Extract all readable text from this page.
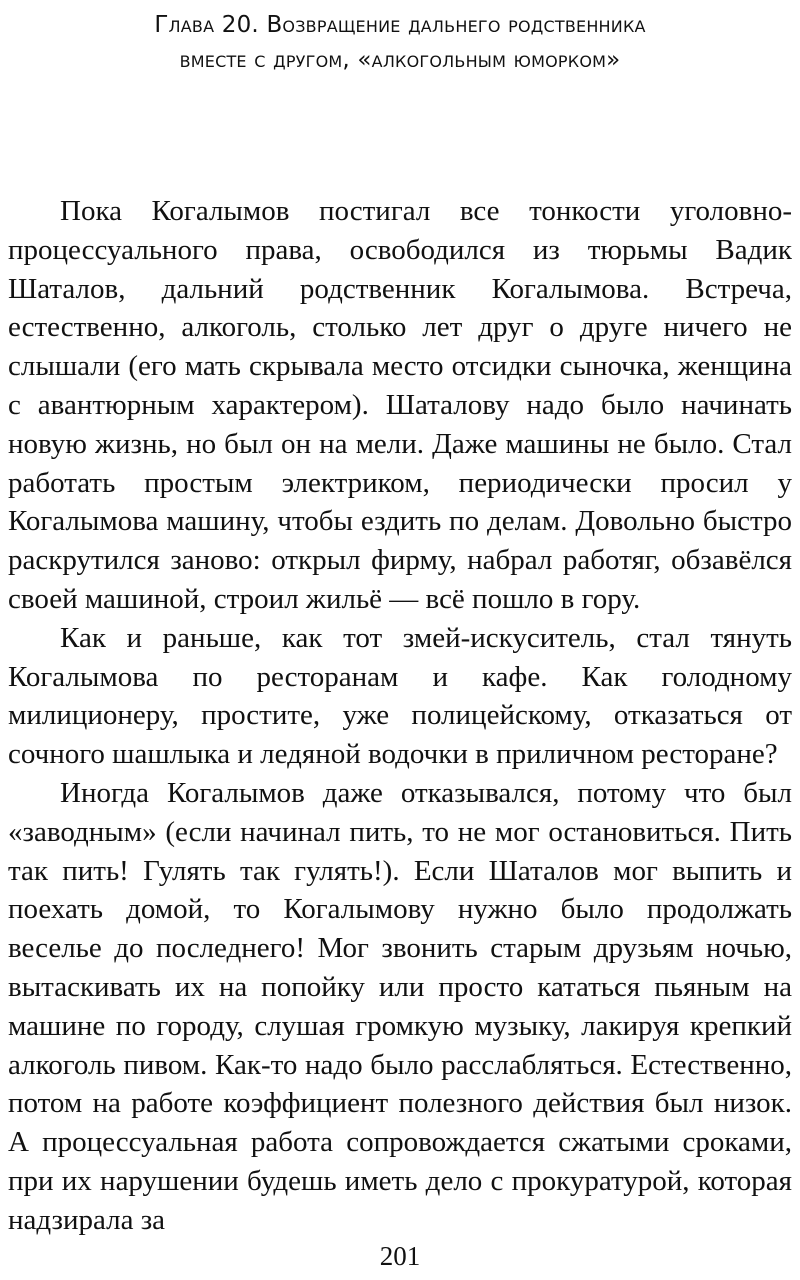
Глава 20. Возвращение дальнего родственника
вместе с другом, «алкогольным юморком»

Пока Когалымов постигал все тонкости уголовно-процессуального права, освободился из тюрьмы Вадик Шаталов, дальний родственник Когалымова. Встреча, естественно, алкоголь, столько лет друг о друге ничего не слышали (его мать скрывала место отсидки сыночка, женщина с авантюрным характером). Шаталову надо было начинать новую жизнь, но был он на мели. Даже машины не было. Стал работать простым электриком, периодически просил у Когалымова машину, чтобы ездить по делам. Довольно быстро раскрутился заново: открыл фирму, набрал работяг, обзавёлся своей машиной, строил жильё — всё пошло в гору.

Как и раньше, как тот змей-искуситель, стал тянуть Когалымова по ресторанам и кафе. Как голодному милиционеру, простите, уже полицейскому, отказаться от сочного шашлыка и ледяной водочки в приличном ресторане?

Иногда Когалымов даже отказывался, потому что был «заводным» (если начинал пить, то не мог остановиться. Пить так пить! Гулять так гулять!). Если Шаталов мог выпить и поехать домой, то Когалымову нужно было продолжать веселье до последнего! Мог звонить старым друзьям ночью, вытаскивать их на попойку или просто кататься пьяным на машине по городу, слушая громкую музыку, лакируя крепкий алкоголь пивом. Как-то надо было расслабляться. Естественно, потом на работе коэффициент полезного действия был низок. А процессуальная работа сопровождается сжатыми сроками, при их нарушении будешь иметь дело с прокуратурой, которая надзирала за

201
